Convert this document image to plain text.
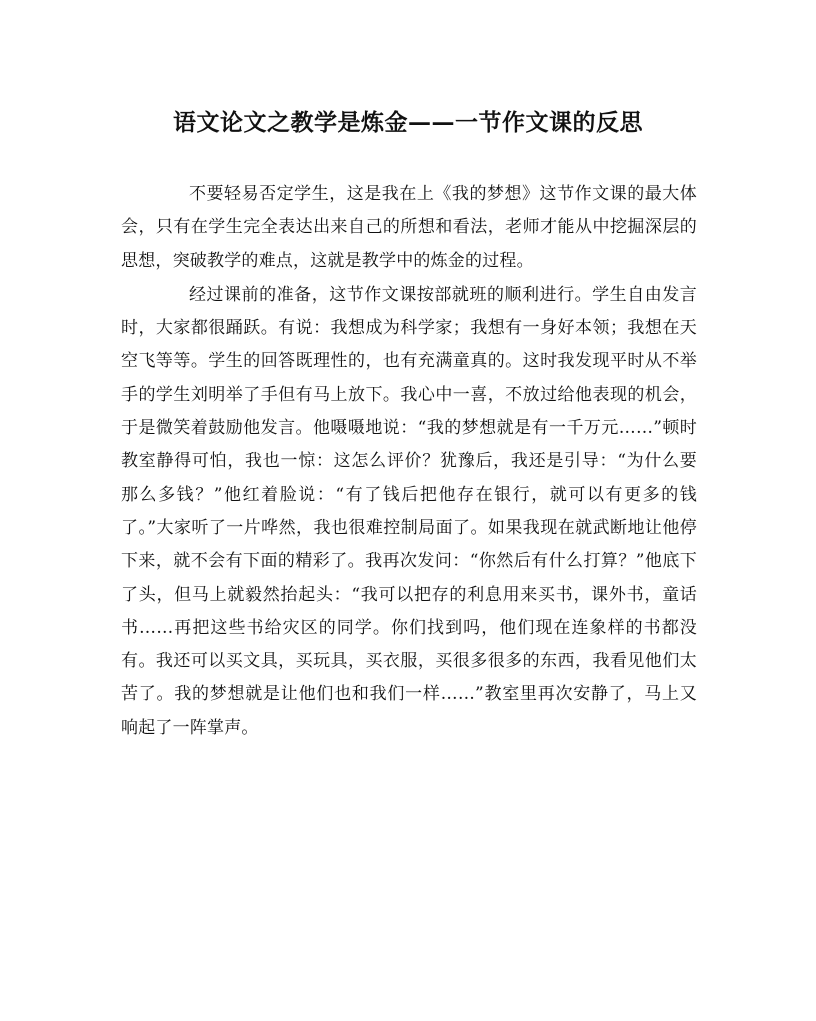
语文论文之教学是炼金——一节作文课的反思

不要轻易否定学生，这是我在上《我的梦想》这节作文课的最大体会，只有在学生完全表达出来自己的所想和看法，老师才能从中挖掘深层的思想，突破教学的难点，这就是教学中的炼金的过程。

经过课前的准备，这节作文课按部就班的顺利进行。学生自由发言时，大家都很踊跃。有说：我想成为科学家；我想有一身好本领；我想在天空飞等等。学生的回答既理性的，也有充满童真的。这时我发现平时从不举手的学生刘明举了手但有马上放下。我心中一喜，不放过给他表现的机会，于是微笑着鼓励他发言。他嗫嗫地说：“我的梦想就是有一千万元……”顿时教室静得可怕，我也一惊：这怎么评价？犹豫后，我还是引导：“为什么要那么多钱？”他红着脸说：“有了钱后把他存在银行，就可以有更多的钱了。”大家听了一片哗然，我也很难控制局面了。如果我现在就武断地让他停下来，就不会有下面的精彩了。我再次发问：“你然后有什么打算？”他底下了头，但马上就毅然抬起头：“我可以把存的利息用来买书，课外书，童话书……再把这些书给灾区的同学。你们找到吗，他们现在连象样的书都没有。我还可以买文具，买玩具，买衣服，买很多很多的东西，我看见他们太苦了。我的梦想就是让他们也和我们一样……”教室里再次安静了，马上又响起了一阵掌声。
